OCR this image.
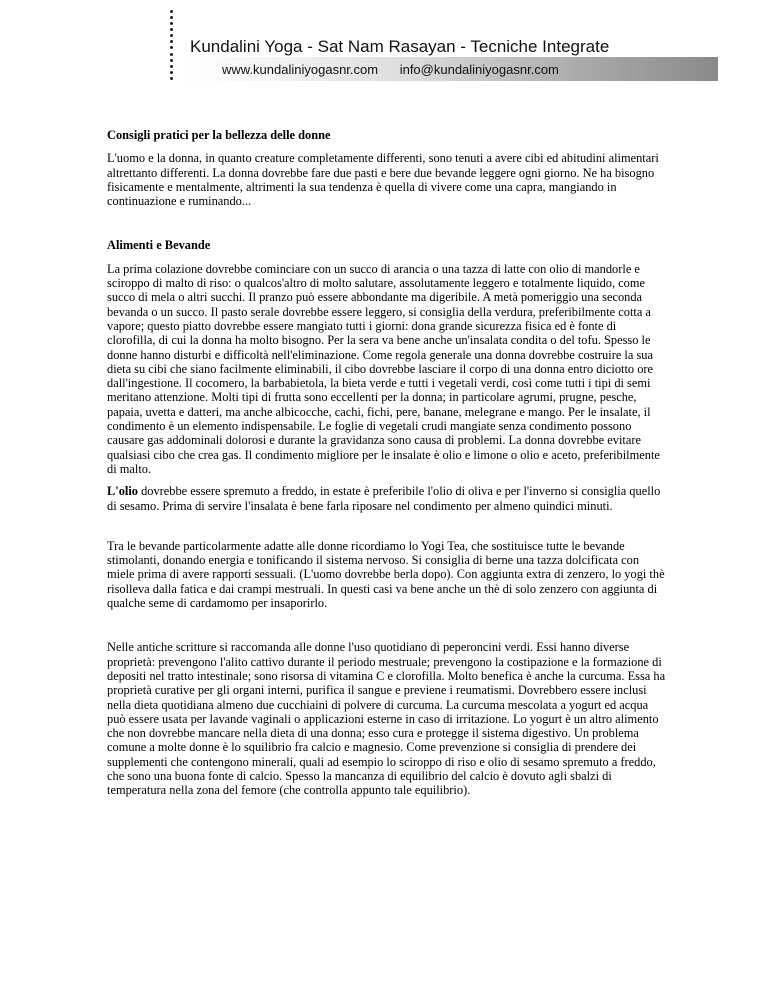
Kundalini Yoga - Sat Nam Rasayan - Tecniche Integrate
www.kundaliniyogasnr.com info@kundaliniyogasnr.com
Consigli pratici per la bellezza delle donne

L'uomo e la donna, in quanto creature completamente differenti, sono tenuti a avere cibi ed abitudini alimentari altrettanto differenti. La donna dovrebbe fare due pasti e bere due bevande leggere ogni giorno. Ne ha bisogno fisicamente e mentalmente, altrimenti la sua tendenza è quella di vivere come una capra, mangiando in continuazione e ruminando...

Alimenti e Bevande

La prima colazione dovrebbe cominciare con un succo di arancia o una tazza di latte con olio di mandorle e sciroppo di malto di riso: o qualcos'altro di molto salutare, assolutamente leggero e totalmente liquido, come succo di mela o altri succhi. Il pranzo può essere abbondante ma digeribile. A metà pomeriggio una seconda bevanda o un succo. Il pasto serale dovrebbe essere leggero, si consiglia della verdura, preferibilmente cotta a vapore; questo piatto dovrebbe essere mangiato tutti i giorni: dona grande sicurezza fisica ed è fonte di clorofilla, di cui la donna ha molto bisogno. Per la sera va bene anche un'insalata condita o del tofu. Spesso le donne hanno disturbi e difficoltà nell'eliminazione. Come regola generale una donna dovrebbe costruire la sua dieta su cibi che siano facilmente eliminabili, il cibo dovrebbe lasciare il corpo di una donna entro diciotto ore dall'ingestione. Il cocomero, la barbabietola, la bieta verde e tutti i vegetali verdi, così come tutti i tipi di semi meritano attenzione. Molti tipi di frutta sono eccellenti per la donna; in particolare agrumi, prugne, pesche, papaia, uvetta e datteri, ma anche albicocche, cachi, fichi, pere, banane, melegrane e mango. Per le insalate, il condimento è un elemento indispensabile. Le foglie di vegetali crudi mangiate senza condimento possono causare gas addominali dolorosi e durante la gravidanza sono causa di problemi. La donna dovrebbe evitare qualsiasi cibo che crea gas. Il condimento migliore per le insalate è olio e limone o olio e aceto, preferibilmente di malto.

L'olio dovrebbe essere spremuto a freddo, in estate è preferibile l'olio di oliva e per l'inverno si consiglia quello di sesamo. Prima di servire l'insalata è bene farla riposare nel condimento per almeno quindici minuti.

Tra le bevande particolarmente adatte alle donne ricordiamo lo Yogi Tea, che sostituisce tutte le bevande stimolanti, donando energia e tonificando il sistema nervoso. Si consiglia di berne una tazza dolcificata con miele prima di avere rapporti sessuali. (L'uomo dovrebbe berla dopo). Con aggiunta extra di zenzero, lo yogi thè risolleva dalla fatica e dai crampi mestruali. In questi casi va bene anche un thè di solo zenzero con aggiunta di qualche seme di cardamomo per insaporirlo.

Nelle antiche scritture si raccomanda alle donne l'uso quotidiano di peperoncini verdi. Essi hanno diverse proprietà: prevengono l'alito cattivo durante il periodo mestruale; prevengono la costipazione e la formazione di depositi nel tratto intestinale; sono risorsa di vitamina C e clorofilla. Molto benefica è anche la curcuma. Essa ha proprietà curative per gli organi interni, purifica il sangue e previene i reumatismi. Dovrebbero essere inclusi nella dieta quotidiana almeno due cucchiaini di polvere di curcuma. La curcuma mescolata a yogurt ed acqua può essere usata per lavande vaginali o applicazioni esterne in caso di irritazione. Lo yogurt è un altro alimento che non dovrebbe mancare nella dieta di una donna; esso cura e protegge il sistema digestivo. Un problema comune a molte donne è lo squilibrio fra calcio e magnesio. Come prevenzione si consiglia di prendere dei supplementi che contengono minerali, quali ad esempio lo sciroppo di riso e olio di sesamo spremuto a freddo, che sono una buona fonte di calcio. Spesso la mancanza di equilibrio del calcio è dovuto agli sbalzi di temperatura nella zona del femore (che controlla appunto tale equilibrio).
